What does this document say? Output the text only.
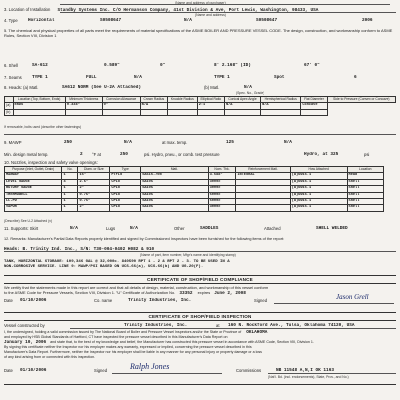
(Name and address of purchaser)
3. Location of Installation Standby Systems Inc. C/O Hermanson Company, 41st Division & Ave, Port Lewis, Washington, 98433, USA
(Name and address)
4. Type Horizontal	S0508647	N/A	S0508647	2006
5. The chemical and physical properties of all parts meet the requirements of material specifications of the ASME BOILER AND PRESSURE VESSEL CODE. The design, construction, and workmanship conform to ASME Rules, Section VIII, Division 1
6. Shell	SA-612	0.589"	0"	8' 2.168" (ID)	67' 0"
7. Seams TYPE 1	FULL	N/A	TYPE 1	Spot	6
8. Heads: (a) Matl.	SA612 NORM (See U-2A Attached)	(b) Matl.	N/A
(Spec. No., Grade)
	Location (Top, Bottom, Ends)	Minimum Thickness	Corrosion Allowance	Crown Radius	Knuckle Radius	Elliptical Ratio	Conical Apex Angle	Hemispherical Radius	Flat Diameter	Side to Pressure (Convex or Concave)
(a)	ENDS	0.338"	0"	N/A		2:1	N/A	N/A	Concave	
(b)										
If removable, bolts used (describe other fastenings)
9. MAWP	250	N/A	at max. temp.	125	N/A
Min. design metal temp.	2 °F at	250	psi. Hydro, pneu., or comb. test pressure	Hydro, at 325	psi
10. Nozzles, inspection and safety valve openings:
Purpose (Inlet, Outlet, Drain)	No.	Diam. or Size	Type	Matl.	Nom. Thk.	Reinforcement Matl.	How Attached	Location
MANWAY	1	16"	PTFLG	SA516-70N	3.688"	INTEGRAL	(a)UW16.1	Head
LEVEL GAUGE	4	2.5"	CPLG	SA105	3000#		(a)UW16.1	Shell
ROTORY GAUGE	1	2"	CPLG	SA105	3000#		(a)UW16.1	Shell
THERMOWELL	1	0.75"	CPLG	SA105	6000#		(a)UW16.1	Shell
LL-PD	1	0.75"	CPLG	SA105	6000#		(a)UW16.1	Shell
VAPOR	1	2"	CPLG	SA105	3000#		(a)UW16.1	Shell
(Describe) See U-2 Attached (v)
11. Supports: Skirt	N/A	Lugs	N/A	Other	SADDLES	Attached	SHELL WELDED
12. Remarks: Manufacturer's Partial Data Reports properly identified and signed by Commissioned Inspectors have been furnished for the following items of the report:
Heads: B. Trinity Ind. Inc., S/N: T30-004-0402 H082 & 910
(Name of part, item number, Mfgr's name and identifying stamp)
TANK, HORIZONTAL STORAGE: 109,346 GAL @ 32,000c. 840590 RPT 1 - 2 & RPT 2 - 3. TO BE USED IN A
NON-CORROSIVE SERVICE. LINE 9: MAWP/PSI BASED ON UCS-66(a), UCS-66(b) AND UG-20(F).
CERTIFICATE OF SHOP/FIELD COMPLIANCE
We certify that the statements made in this report are correct and that all details of design, material, construction, and workmanship of this vessel conform
to the ASME Code for Pressure Vessels, Section VIII, Division 1. "U" Certificate of Authorization No. 33352 expires June 2, 2008
Date 01/10/2006	Co. name	Trinity Industries, Inc.	Signed	Jason Grell
CERTIFICATE OF SHOP/FIELD INSPECTION
Vessel constructed by	Trinity Industries, Inc.	at 160 N. Rockford Ave., Tulsa, Oklahoma 74120, USA
I, the undersigned, holding a valid commission issued by The National Board of Boiler and Pressure Vessel Inspectors and/or the State or Province of OKLAHOMA
and employed by HSB Global Standards of Hartford, CT have inspected the pressure vessel described in this Manufacturer's Data Report on
January 10, 2006 and state that, to the best of my knowledge and belief, the Manufacturer has constructed this pressure vessel in accordance with ASME Code, Section VIII, Division 1.
By signing this certificate neither the Inspector nor his employer makes any warranty, expressed or implied, concerning the pressure vessel described in this
Manufacturer's Data Report. Furthermore, neither the Inspector nor his employer shall be liable in any manner for any personal injury or property damage or a loss
of any kind arising from or connected with this inspection.
Date 01/10/2006	Signed	Commissions	NB 11548 A,N,I OK 1163
Ralph Jones
(Nat'l. Bd. (incl. endorsements), State, Prov., and No.)
